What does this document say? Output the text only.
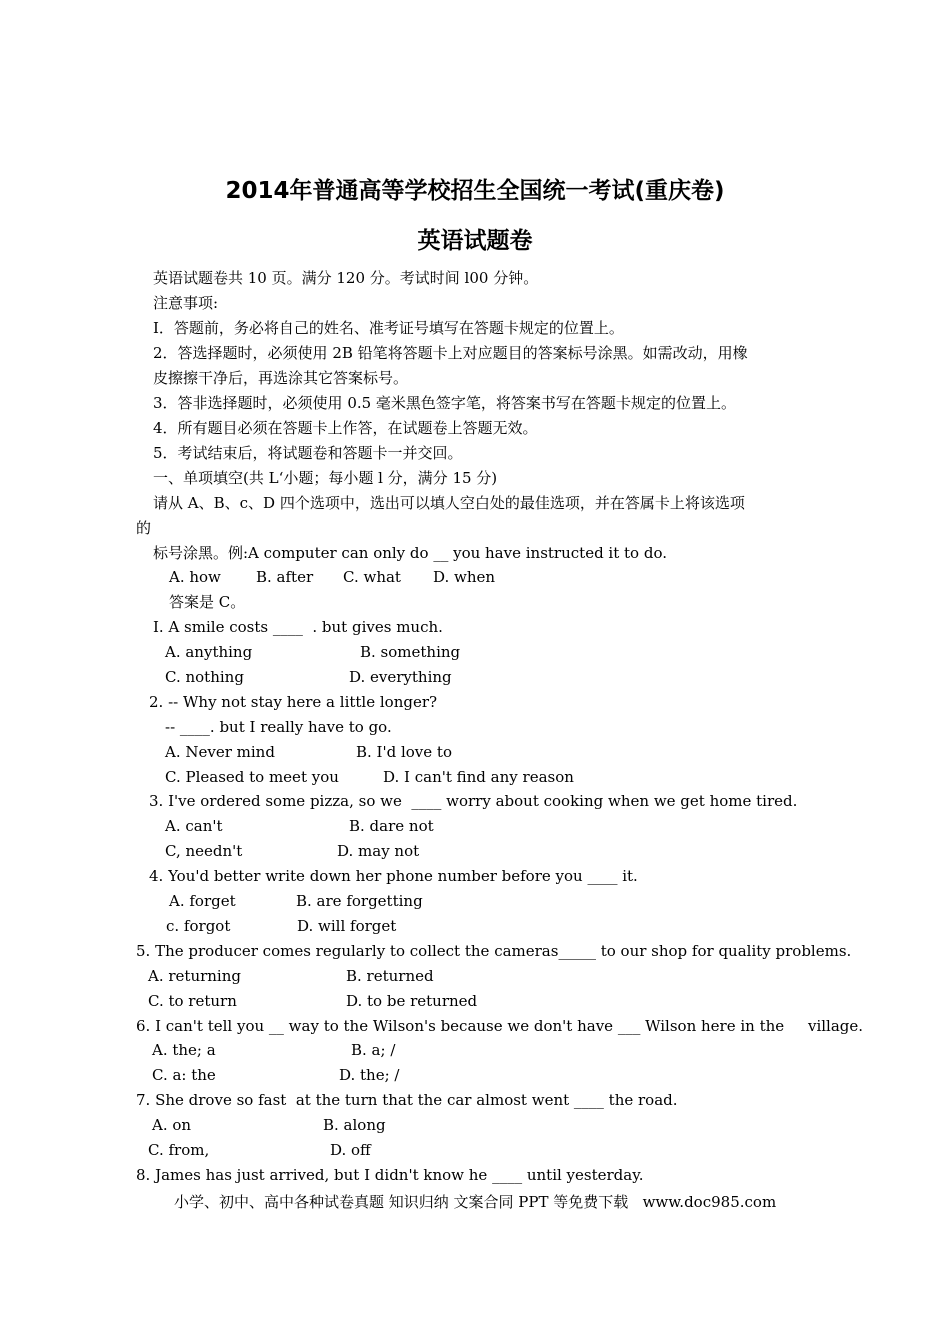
2014年普通高等学校招生全国统一考试(重庆卷)
英语试题卷
英语试题卷共 10 页。满分 120 分。考试时间 l00 分钟。
注意事项:
I．答题前，务必将自己的姓名、准考证号填写在答题卡规定的位置上。
2．答选择题时，必须使用 2B 铅笔将答题卡上对应题目的答案标号涂黑。如需改动，用橡
皮擦擦干净后，再选涂其它答案标号。
3．答非选择题时，必须使用 0.5 毫米黑色签字笔，将答案书写在答题卡规定的位置上。
4．所有题目必须在答题卡上作答，在试题卷上答题无效。
5．考试结束后，将试题卷和答题卡一并交回。
一、单项填空(共 L‘小题；每小题 l 分，满分 15 分)
请从 A、B、c、D 四个选项中，选出可以填人空白处的最佳选项，并在答属卡上将该选项
的
标号涂黑。例:A computer can only do __ you have instructed it to do.
A. how B. after C. what D. when
答案是 C。
I. A smile costs ____  . but gives much.
A. anything	B. something
C. nothing	D. everything
2. -- Why not stay here a little longer?
-- ____. but I really have to go.
A. Never mind	B. I'd love to
C. Pleased to meet you	D. I can't find any reason
3. I've ordered some pizza, so we  ____ worry about cooking when we get home tired.
A. can't	B. dare not
C, needn't	D. may not
4. You'd better write down her phone number before you ____ it.
A. forget	B. are forgetting
c. forgot	D. will forget
5. The producer comes regularly to collect the cameras_____ to our shop for quality problems.
A. returning	B. returned
C. to return	D. to be returned
6. I can't tell you __ way to the Wilson's because we don't have ___ Wilson here in the     village.
A. the; a	B. a; /
C. a: the	D. the; /
7. She drove so fast  at the turn that the car almost went ____ the road.
A. on	B. along
C. from,	D. off
8. James has just arrived, but I didn't know he ____ until yesterday.
小学、初中、高中各种试卷真题 知识归纳 文案合同 PPT 等免费下载   www.doc985.com
